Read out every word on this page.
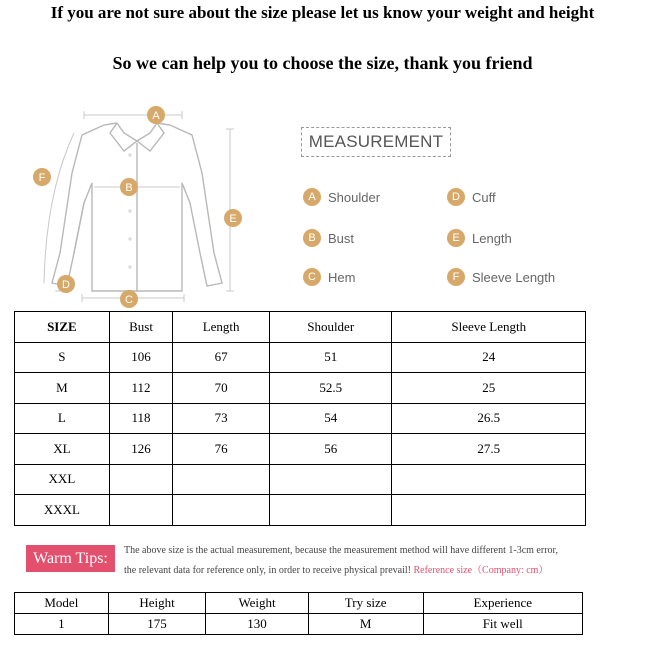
If you are not sure about the size please let us know your weight and height
So we can help you to choose the size, thank you friend
A
B
C
D
E
F
MEASUREMENT
A Shoulder
B Bust
C Hem
D Cuff
E Length
F Sleeve Length
SIZE	Bust	Length	Shoulder	Sleeve Length
S	106	67	51	24
M	112	70	52.5	25
L	118	73	54	26.5
XL	126	76	56	27.5
XXL				
XXXL				
Warm Tips:	The above size is the actual measurement, because the measurement method will have different 1-3cm error,
the relevant data for reference only, in order to receive physical prevail! Reference size（Company: cm）
Model	Height	Weight	Try size	Experience
1	175	130	M	Fit well
